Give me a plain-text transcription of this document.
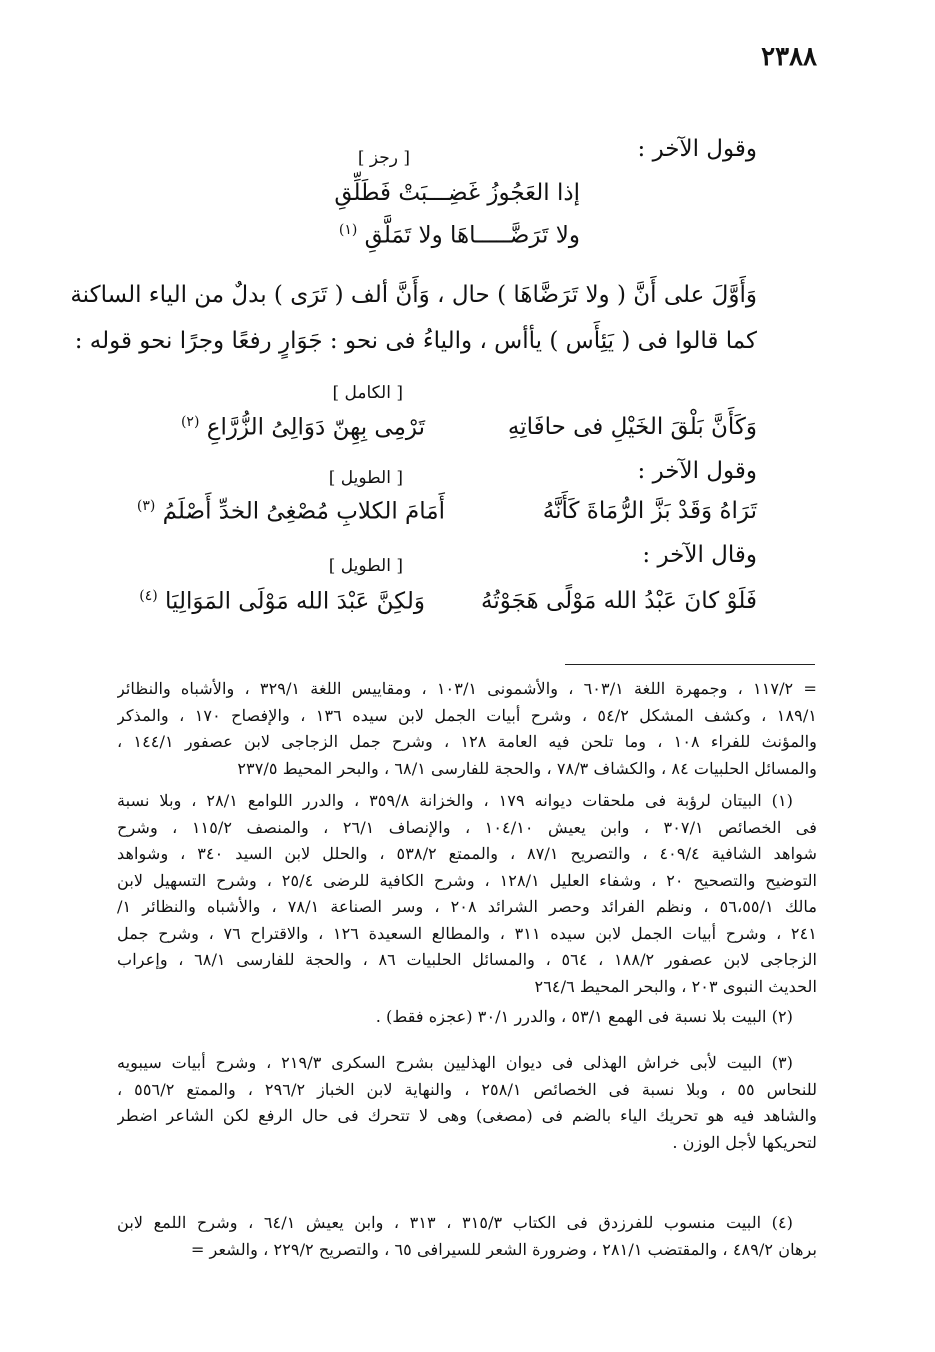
٢٣٨٨
وقول الآخر :
[ رجز ]
إذا العَجُوزُ غَضِـــبَتْ فَطَلِّقِ
ولا تَرَضَّـــــاهَا ولا تَمَلَّقِ $^{(١)}$
وَأَوَّلَ على أَنَّ ( ولا تَرَضَّاهَا ) حال ، وَأَنَّ ألف ( تَرَى ) بدلٌ من الياء الساكنة
كما قالوا فى ( يَئِأَس ) يأأس ، والياءُ فى نحو : جَوَارٍ رفعًا وجرًا نحو قوله :
[ الكامل ]
وَكَأَنَّ بَلْقَ الخَيْلِ فى حافَاتِهِ
تَرْمِى بِهِنّ دَوَالِىُ الزُّرَّاعِ $^{(٢)}$
وقول الآخر :
[ الطويل ]
تَرَاهُ وَقَدْ بَزَّ الرُّمَاةَ كَأَنَّهُ
أَمَامَ الكلابِ مُصْغِىُ الخدِّ أَصْلَمُ $^{(٣)}$
وقال الآخر :
[ الطويل ]
فَلَوْ كانَ عَبْدُ الله مَوْلًى هَجَوْتُهُ
وَلكِنَّ عَبْدَ الله مَوْلَى المَوَالِيَا $^{(٤)}$
= ١١٧/٢ ، وجمهرة اللغة ٦٠٣/١ ، والأشمونى ١٠٣/١ ، ومقاييس اللغة ٣٢٩/١ ، والأشباه والنظائر
١٨٩/١ ، وكشف المشكل ٥٤/٢ ، وشرح أبيات الجمل لابن سيده ١٣٦ ، والإفصاح ١٧٠ ، والمذكر
والمؤنث للفراء ١٠٨ ، وما تلحن فيه العامة ١٢٨ ، وشرح جمل الزجاجى لابن عصفور ١٤٤/١ ،
والمسائل الحلبيات ٨٤ ، والكشاف ٧٨/٣ ، والحجة للفارسى ٦٨/١ ، والبحر المحيط ٢٣٧/٥
(١) البيتان لرؤبة فى ملحقات ديوانه ١٧٩ ، والخزانة ٣٥٩/٨ ، والدرر اللوامع ٢٨/١ ، وبلا نسبة
فى الخصائص ٣٠٧/١ ، وابن يعيش ١٠٤/١٠ ، والإنصاف ٢٦/١ ، والمنصف ١١٥/٢ ، وشرح
شواهد الشافية ٤٠٩/٤ ، والتصريح ٨٧/١ ، والممتع ٥٣٨/٢ ، والحلل لابن السيد ٣٤٠ ، وشواهد
التوضيح والتصحيح ٢٠ ، وشفاء العليل ١٢٨/١ ، وشرح الكافية للرضى ٢٥/٤ ، وشرح التسهيل لابن
مالك ٥٦،٥٥/١ ، ونظم الفرائد وحصر الشرائد ٢٠٨ ، وسر الصناعة ٧٨/١ ، والأشباه والنظائر ١/
٢٤١ ، وشرح أبيات الجمل لابن سيده ٣١١ ، والمطالع السعيدة ١٢٦ ، والاقتراح ٧٦ ، وشرح جمل
الزجاجى لابن عصفور ١٨٨/٢ ، ٥٦٤ ، والمسائل الحلبيات ٨٦ ، والحجة للفارسى ٦٨/١ ، وإعراب
الحديث النبوى ٢٠٣ ، والبحر المحيط ٢٦٤/٦
(٢) البيت بلا نسبة فى الهمع ٥٣/١ ، والدرر ٣٠/١ (عجزه فقط) .
(٣) البيت لأبى خراش الهذلى فى ديوان الهذليين بشرح السكرى ٢١٩/٣ ، وشرح أبيات سيبويه
للنحاس ٥٥ ، وبلا نسبة فى الخصائص ٢٥٨/١ ، والنهاية لابن الخباز ٢٩٦/٢ ، والممتع ٥٥٦/٢ ،
والشاهد فيه هو تحريك الياء بالضم فى (مصغى) وهى لا تتحرك فى حال الرفع لكن الشاعر اضطر
لتحريكها لأجل الوزن .
(٤) البيت منسوب للفرزدق فى الكتاب ٣١٥/٣ ، ٣١٣ ، وابن يعيش ٦٤/١ ، وشرح اللمع لابن
برهان ٤٨٩/٢ ، والمقتضب ٢٨١/١ ، وضرورة الشعر للسيرافى ٦٥ ، والتصريح ٢٢٩/٢ ، والشعر =
